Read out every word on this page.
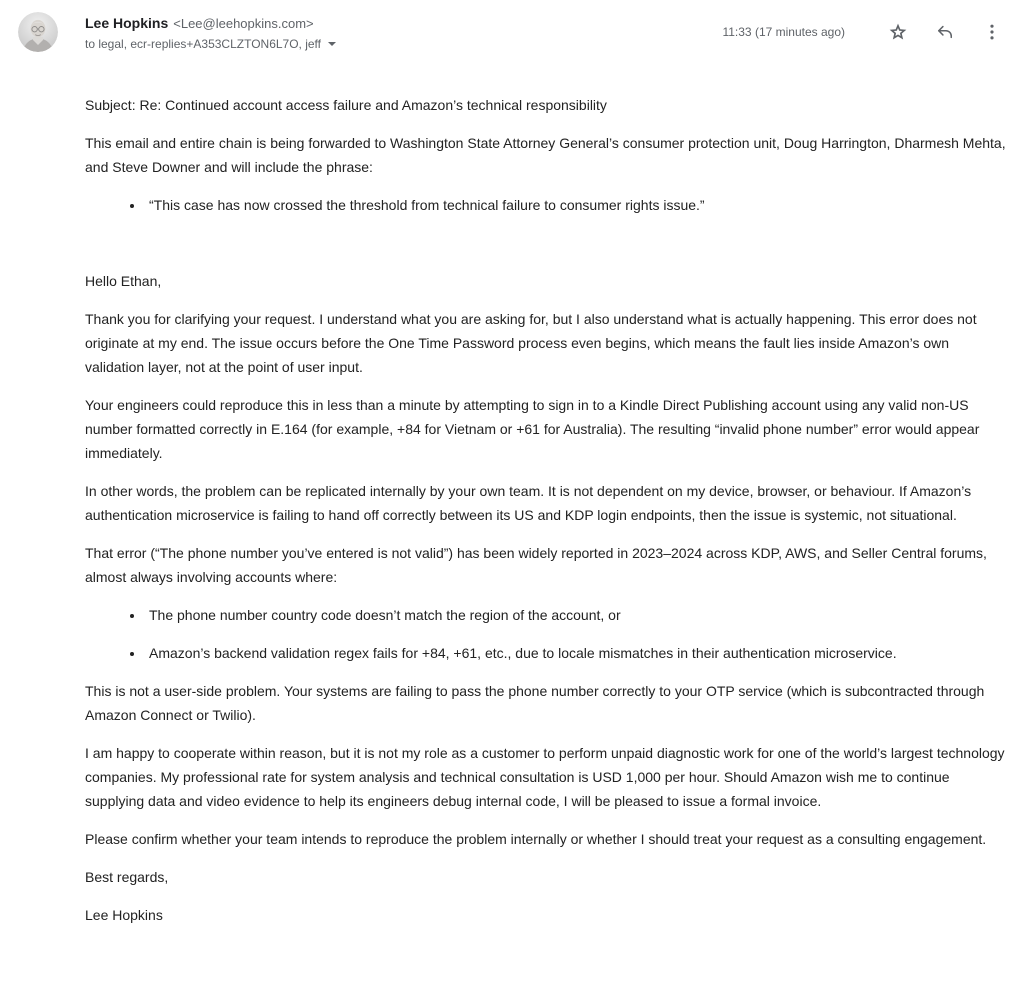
Lee Hopkins <Lee@leehopkins.com>
to legal, ecr-replies+A353CLZTON6L7O, jeff
11:33 (17 minutes ago)

Subject: Re: Continued account access failure and Amazon’s technical responsibility

This email and entire chain is being forwarded to Washington State Attorney General’s consumer protection unit, Doug Harrington, Dharmesh Mehta, and Steve Downer and will include the phrase:

• “This case has now crossed the threshold from technical failure to consumer rights issue.”

Hello Ethan,

Thank you for clarifying your request. I understand what you are asking for, but I also understand what is actually happening. This error does not originate at my end. The issue occurs before the One Time Password process even begins, which means the fault lies inside Amazon’s own validation layer, not at the point of user input.

Your engineers could reproduce this in less than a minute by attempting to sign in to a Kindle Direct Publishing account using any valid non-US number formatted correctly in E.164 (for example, +84 for Vietnam or +61 for Australia). The resulting “invalid phone number” error would appear immediately.

In other words, the problem can be replicated internally by your own team. It is not dependent on my device, browser, or behaviour. If Amazon’s authentication microservice is failing to hand off correctly between its US and KDP login endpoints, then the issue is systemic, not situational.

That error (“The phone number you’ve entered is not valid”) has been widely reported in 2023–2024 across KDP, AWS, and Seller Central forums, almost always involving accounts where:

• The phone number country code doesn’t match the region of the account, or
• Amazon’s backend validation regex fails for +84, +61, etc., due to locale mismatches in their authentication microservice.

This is not a user-side problem. Your systems are failing to pass the phone number correctly to your OTP service (which is subcontracted through Amazon Connect or Twilio).

I am happy to cooperate within reason, but it is not my role as a customer to perform unpaid diagnostic work for one of the world’s largest technology companies. My professional rate for system analysis and technical consultation is USD 1,000 per hour. Should Amazon wish me to continue supplying data and video evidence to help its engineers debug internal code, I will be pleased to issue a formal invoice.

Please confirm whether your team intends to reproduce the problem internally or whether I should treat your request as a consulting engagement.

Best regards,

Lee Hopkins
